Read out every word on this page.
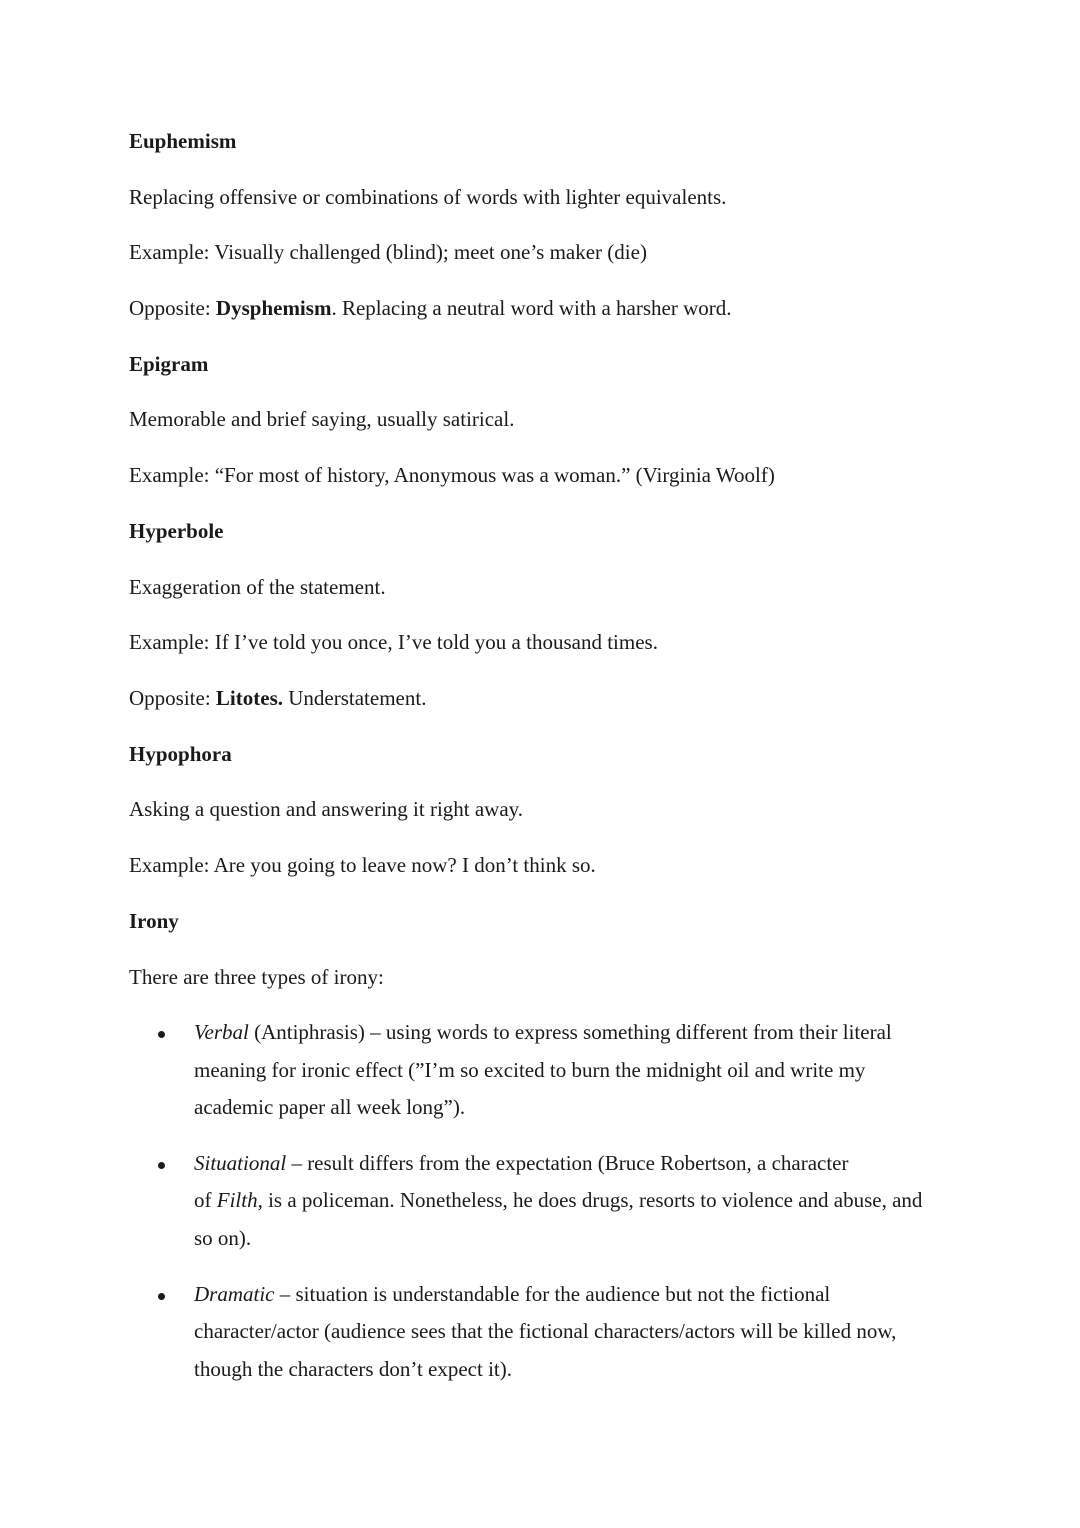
Euphemism
Replacing offensive or combinations of words with lighter equivalents.
Example: Visually challenged (blind); meet one’s maker (die)
Opposite: Dysphemism. Replacing a neutral word with a harsher word.
Epigram
Memorable and brief saying, usually satirical.
Example: “For most of history, Anonymous was a woman.” (Virginia Woolf)
Hyperbole
Exaggeration of the statement.
Example: If I’ve told you once, I’ve told you a thousand times.
Opposite: Litotes. Understatement.
Hypophora
Asking a question and answering it right away.
Example: Are you going to leave now? I don’t think so.
Irony
There are three types of irony:
Verbal (Antiphrasis) – using words to express something different from their literal
meaning for ironic effect (”I’m so excited to burn the midnight oil and write my
academic paper all week long”).
Situational – result differs from the expectation (Bruce Robertson, a character
of Filth, is a policeman. Nonetheless, he does drugs, resorts to violence and abuse, and
so on).
Dramatic – situation is understandable for the audience but not the fictional
character/actor (audience sees that the fictional characters/actors will be killed now,
though the characters don’t expect it).
